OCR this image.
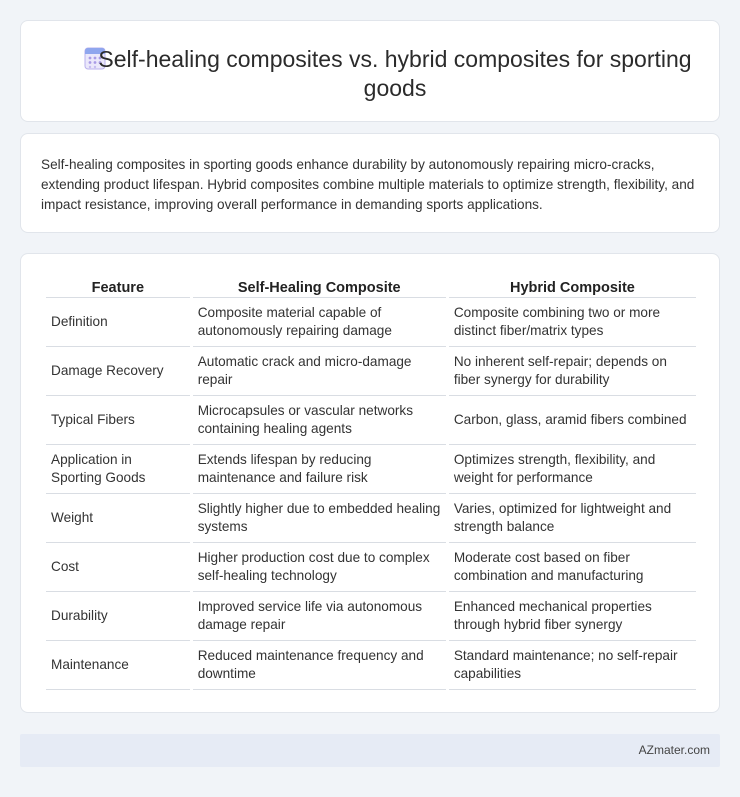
Self-healing composites vs. hybrid composites for sporting goods

Self-healing composites in sporting goods enhance durability by autonomously repairing micro-cracks, extending product lifespan. Hybrid composites combine multiple materials to optimize strength, flexibility, and impact resistance, improving overall performance in demanding sports applications.

Feature	Self-Healing Composite	Hybrid Composite
Definition	Composite material capable of autonomously repairing damage	Composite combining two or more distinct fiber/matrix types
Damage Recovery	Automatic crack and micro-damage repair	No inherent self-repair; depends on fiber synergy for durability
Typical Fibers	Microcapsules or vascular networks containing healing agents	Carbon, glass, aramid fibers combined
Application in Sporting Goods	Extends lifespan by reducing maintenance and failure risk	Optimizes strength, flexibility, and weight for performance
Weight	Slightly higher due to embedded healing systems	Varies, optimized for lightweight and strength balance
Cost	Higher production cost due to complex self-healing technology	Moderate cost based on fiber combination and manufacturing
Durability	Improved service life via autonomous damage repair	Enhanced mechanical properties through hybrid fiber synergy
Maintenance	Reduced maintenance frequency and downtime	Standard maintenance; no self-repair capabilities
AZmater.com
